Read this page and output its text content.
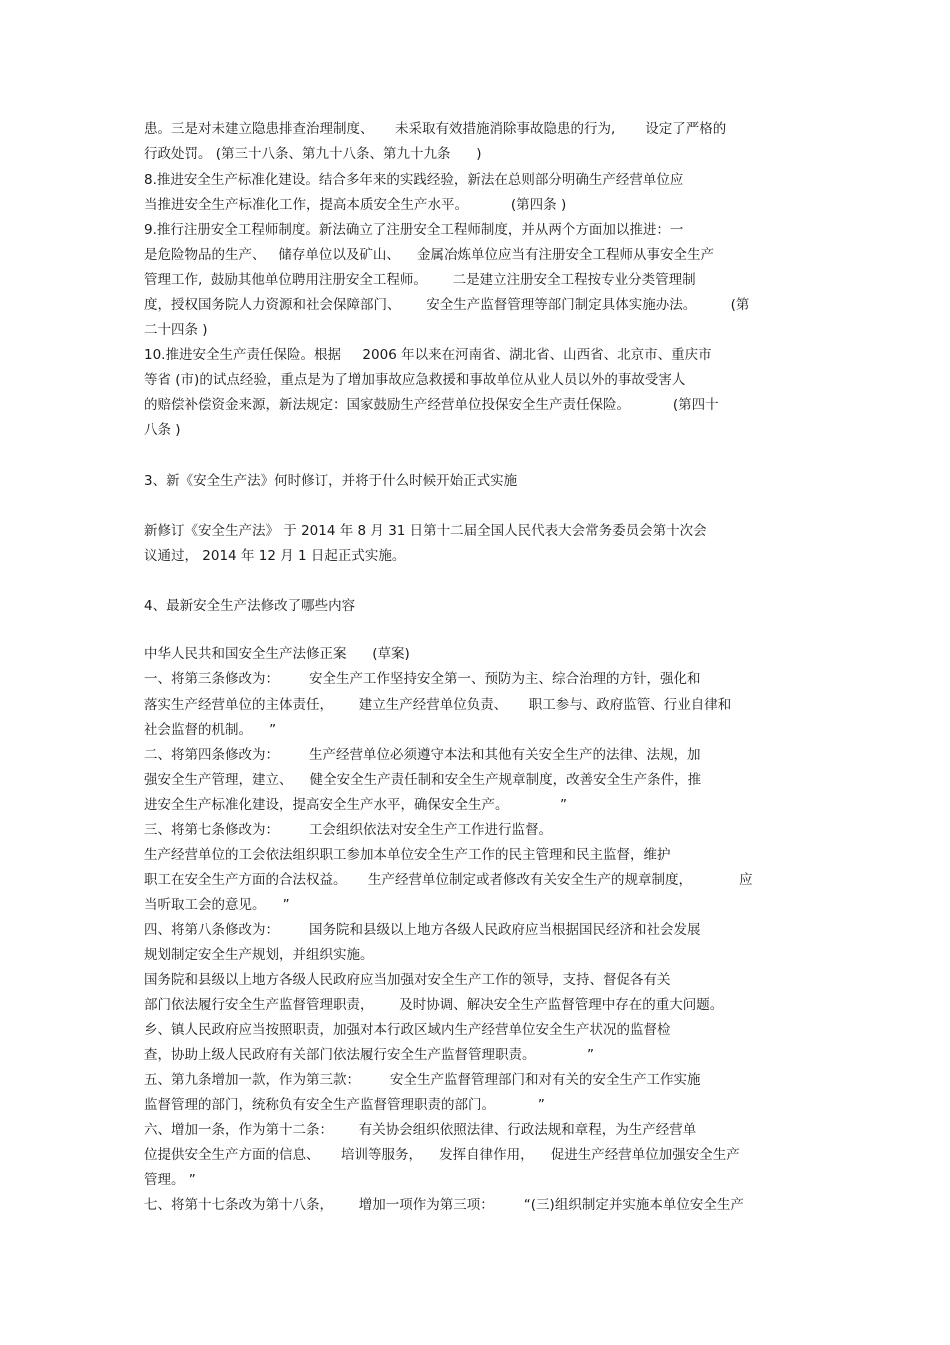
患。三是对未建立隐患排查治理制度、     未采取有效措施消除事故隐患的行为,       设定了严格的
行政处罚。 (第三十八条、第九十八条、第九十九条      )
8.推进安全生产标准化建设。结合多年来的实践经验，新法在总则部分明确生产经营单位应
当推进安全生产标准化工作，提高本质安全生产水平。          (第四条 )
9.推行注册安全工程师制度。新法确立了注册安全工程师制度，并从两个方面加以推进：一
是危险物品的生产、   储存单位以及矿山、    金属冶炼单位应当有注册安全工程师从事安全生产
管理工作,  鼓励其他单位聘用注册安全工程师。      二是建立注册安全工程按专业分类管理制
度，授权国务院人力资源和社会保障部门、      安全生产监督管理等部门制定具体实施办法。        (第
二十四条 )
10.推进安全生产责任保险。根据     2006 年以来在河南省、湖北省、山西省、北京市、重庆市
等省 (市)的试点经验，重点是为了增加事故应急救援和事故单位从业人员以外的事故受害人
的赔偿补偿资金来源，新法规定：国家鼓励生产经营单位投保安全生产责任保险。          (第四十
八条 )
3、新《安全生产法》何时修订，并将于什么时候开始正式实施
新修订《安全生产法》 于 2014 年 8 月 31 日第十二届全国人民代表大会常务委员会第十次会
议通过， 2014 年 12 月 1 日起正式实施。
4、最新安全生产法修改了哪些内容
中华人民共和国安全生产法修正案      (草案)
一、将第三条修改为：       安全生产工作坚持安全第一、预防为主、综合治理的方针，强化和
落实生产经营单位的主体责任，      建立生产经营单位负责、     职工参与、政府监管、行业自律和
社会监督的机制。    ”
二、将第四条修改为：       生产经营单位必须遵守本法和其他有关安全生产的法律、法规，加
强安全生产管理，建立、    健全安全生产责任制和安全生产规章制度，改善安全生产条件，推
进安全生产标准化建设，提高安全生产水平，确保安全生产。            ”
三、将第七条修改为：       工会组织依法对安全生产工作进行监督。
生产经营单位的工会依法组织职工参加本单位安全生产工作的民主管理和民主监督，维护
职工在安全生产方面的合法权益。     生产经营单位制定或者修改有关安全生产的规章制度，           应
当听取工会的意见。    ”
四、将第八条修改为：       国务院和县级以上地方各级人民政府应当根据国民经济和社会发展
规划制定安全生产规划，并组织实施。
国务院和县级以上地方各级人民政府应当加强对安全生产工作的领导，支持、督促各有关
部门依法履行安全生产监督管理职责，      及时协调、解决安全生产监督管理中存在的重大问题。
乡、镇人民政府应当按照职责，加强对本行政区域内生产经营单位安全生产状况的监督检
查，协助上级人民政府有关部门依法履行安全生产监督管理职责。            ”
五、第九条增加一款，作为第三款：       安全生产监督管理部门和对有关的安全生产工作实施
监督管理的部门，统称负有安全生产监督管理职责的部门。          ”
六、增加一条，作为第十二条：      有关协会组织依照法律、行政法规和章程，为生产经营单
位提供安全生产方面的信息、     培训等服务，    发挥自律作用，    促进生产经营单位加强安全生产
管理。 ”
七、将第十七条改为第十八条，      增加一项作为第三项：       “(三)组织制定并实施本单位安全生产
